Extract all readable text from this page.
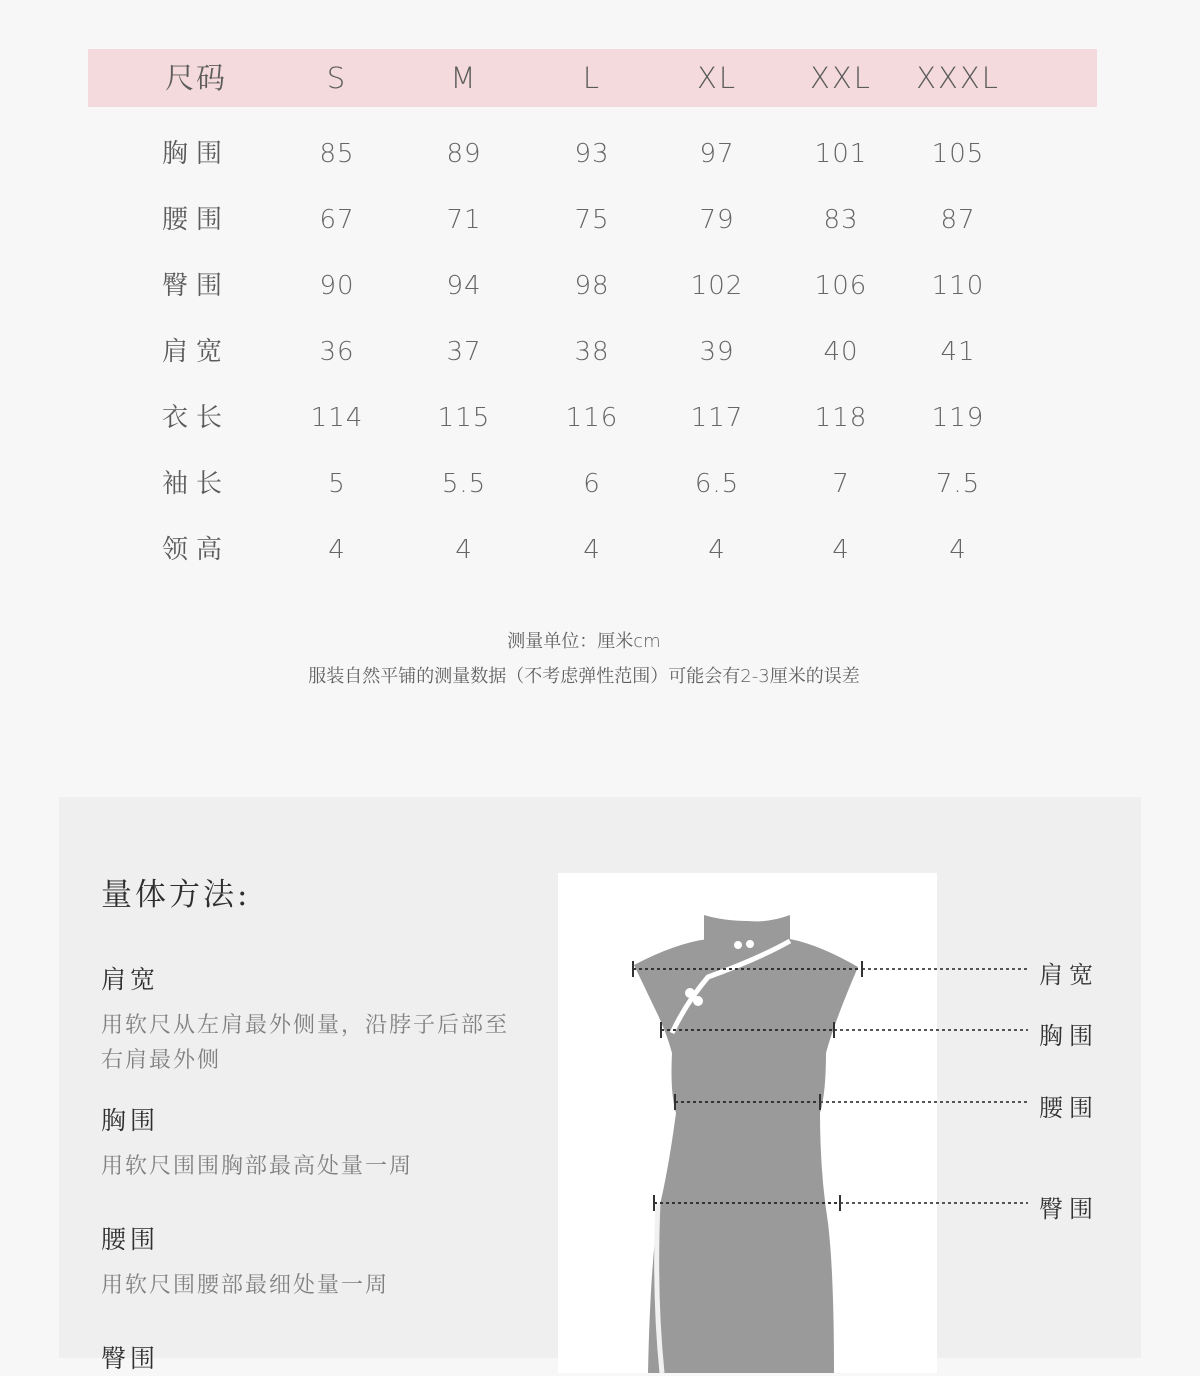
尺码	S	M	L	XL	XXL XXXL
胸围	85	89	93	97	101 105
腰围	67	71	75	79	83	87
臀围	90	94	98	102	106 110
肩宽	36	37	38	39	40	41
衣长	114	115	116	117	118 119
袖长	5	5.5	6	6.5	7	7.5
领高	4	4	4	4	4	4
测量单位：厘米cm
服装自然平铺的测量数据（不考虑弹性范围）可能会有2-3厘米的误差
量体方法:
肩宽
用软尺从左肩最外侧量，沿脖子后部至右肩最外侧
胸围
用软尺围围胸部最高处量一周
腰围
用软尺围腰部最细处量一周
臀围
肩宽
胸围
腰围
臀围
